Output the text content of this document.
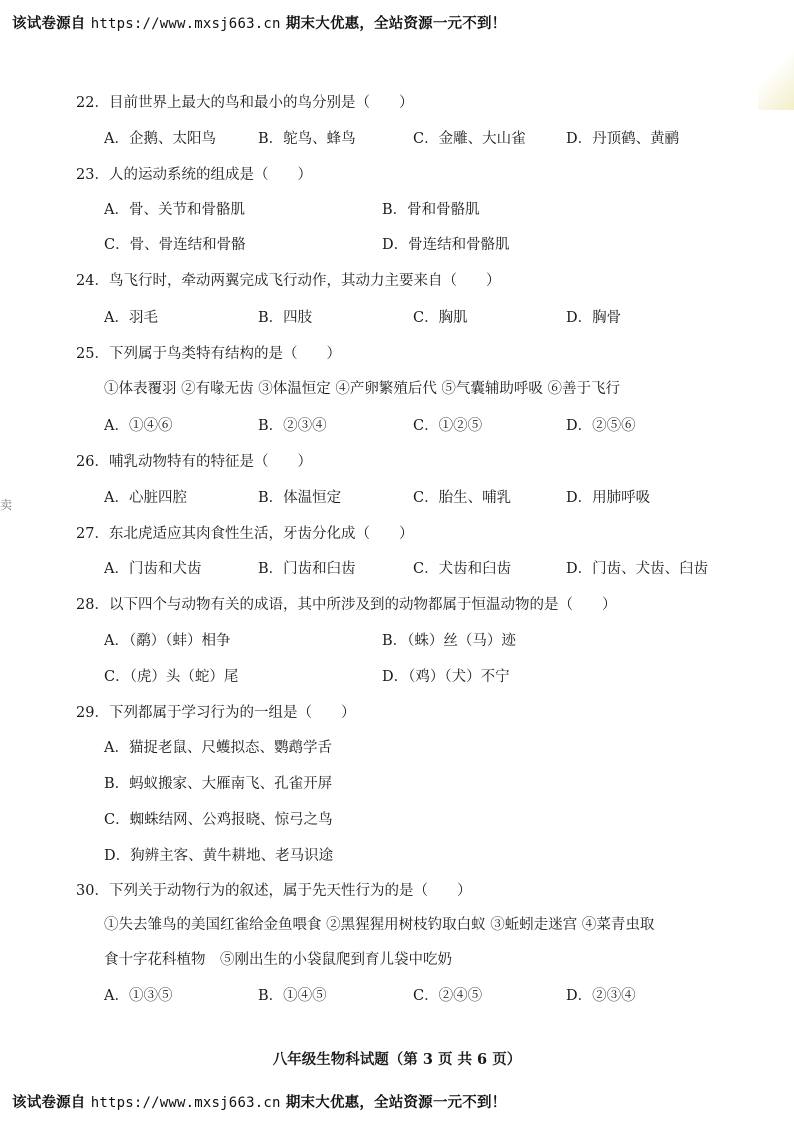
卖
该试卷源自 https://www.mxsj663.cn 期末大优惠，全站资源一元不到！
22．目前世界上最大的鸟和最小的鸟分别是（　　）
A．企鹅、太阳鸟	B．鸵鸟、蜂鸟	C．金雕、大山雀	D．丹顶鹤、黄鹂
23．人的运动系统的组成是（　　）
A．骨、关节和骨骼肌	B．骨和骨骼肌
C．骨、骨连结和骨骼	D．骨连结和骨骼肌
24．鸟飞行时，牵动两翼完成飞行动作，其动力主要来自（　　）
A．羽毛	B．四肢	C．胸肌	D．胸骨
25．下列属于鸟类特有结构的是（　　）
①体表覆羽 ②有喙无齿 ③体温恒定 ④产卵繁殖后代 ⑤气囊辅助呼吸 ⑥善于飞行
A．①④⑥	B．②③④	C．①②⑤	D．②⑤⑥
26．哺乳动物特有的特征是（　　）
A．心脏四腔	B．体温恒定	C．胎生、哺乳	D．用肺呼吸
27．东北虎适应其肉食性生活，牙齿分化成（　　）
A．门齿和犬齿	B．门齿和臼齿	C．犬齿和臼齿	D．门齿、犬齿、臼齿
28．以下四个与动物有关的成语，其中所涉及到的动物都属于恒温动物的是（　　）
A．（鹬）（蚌）相争	B．（蛛）丝（马）迹
C．（虎）头（蛇）尾	D．（鸡）（犬）不宁
29．下列都属于学习行为的一组是（　　）
A．猫捉老鼠、尺蠖拟态、鹦鹉学舌
B．蚂蚁搬家、大雁南飞、孔雀开屏
C．蜘蛛结网、公鸡报晓、惊弓之鸟
D．狗辨主客、黄牛耕地、老马识途
30．下列关于动物行为的叙述，属于先天性行为的是（　　）
①失去雏鸟的美国红雀给金鱼喂食 ②黑猩猩用树枝钓取白蚁 ③蚯蚓走迷宫 ④菜青虫取
食十字花科植物　⑤刚出生的小袋鼠爬到育儿袋中吃奶
A．①③⑤	B．①④⑤	C．②④⑤	D．②③④
八年级生物科试题（第 3 页 共 6 页）
该试卷源自 https://www.mxsj663.cn 期末大优惠，全站资源一元不到！
